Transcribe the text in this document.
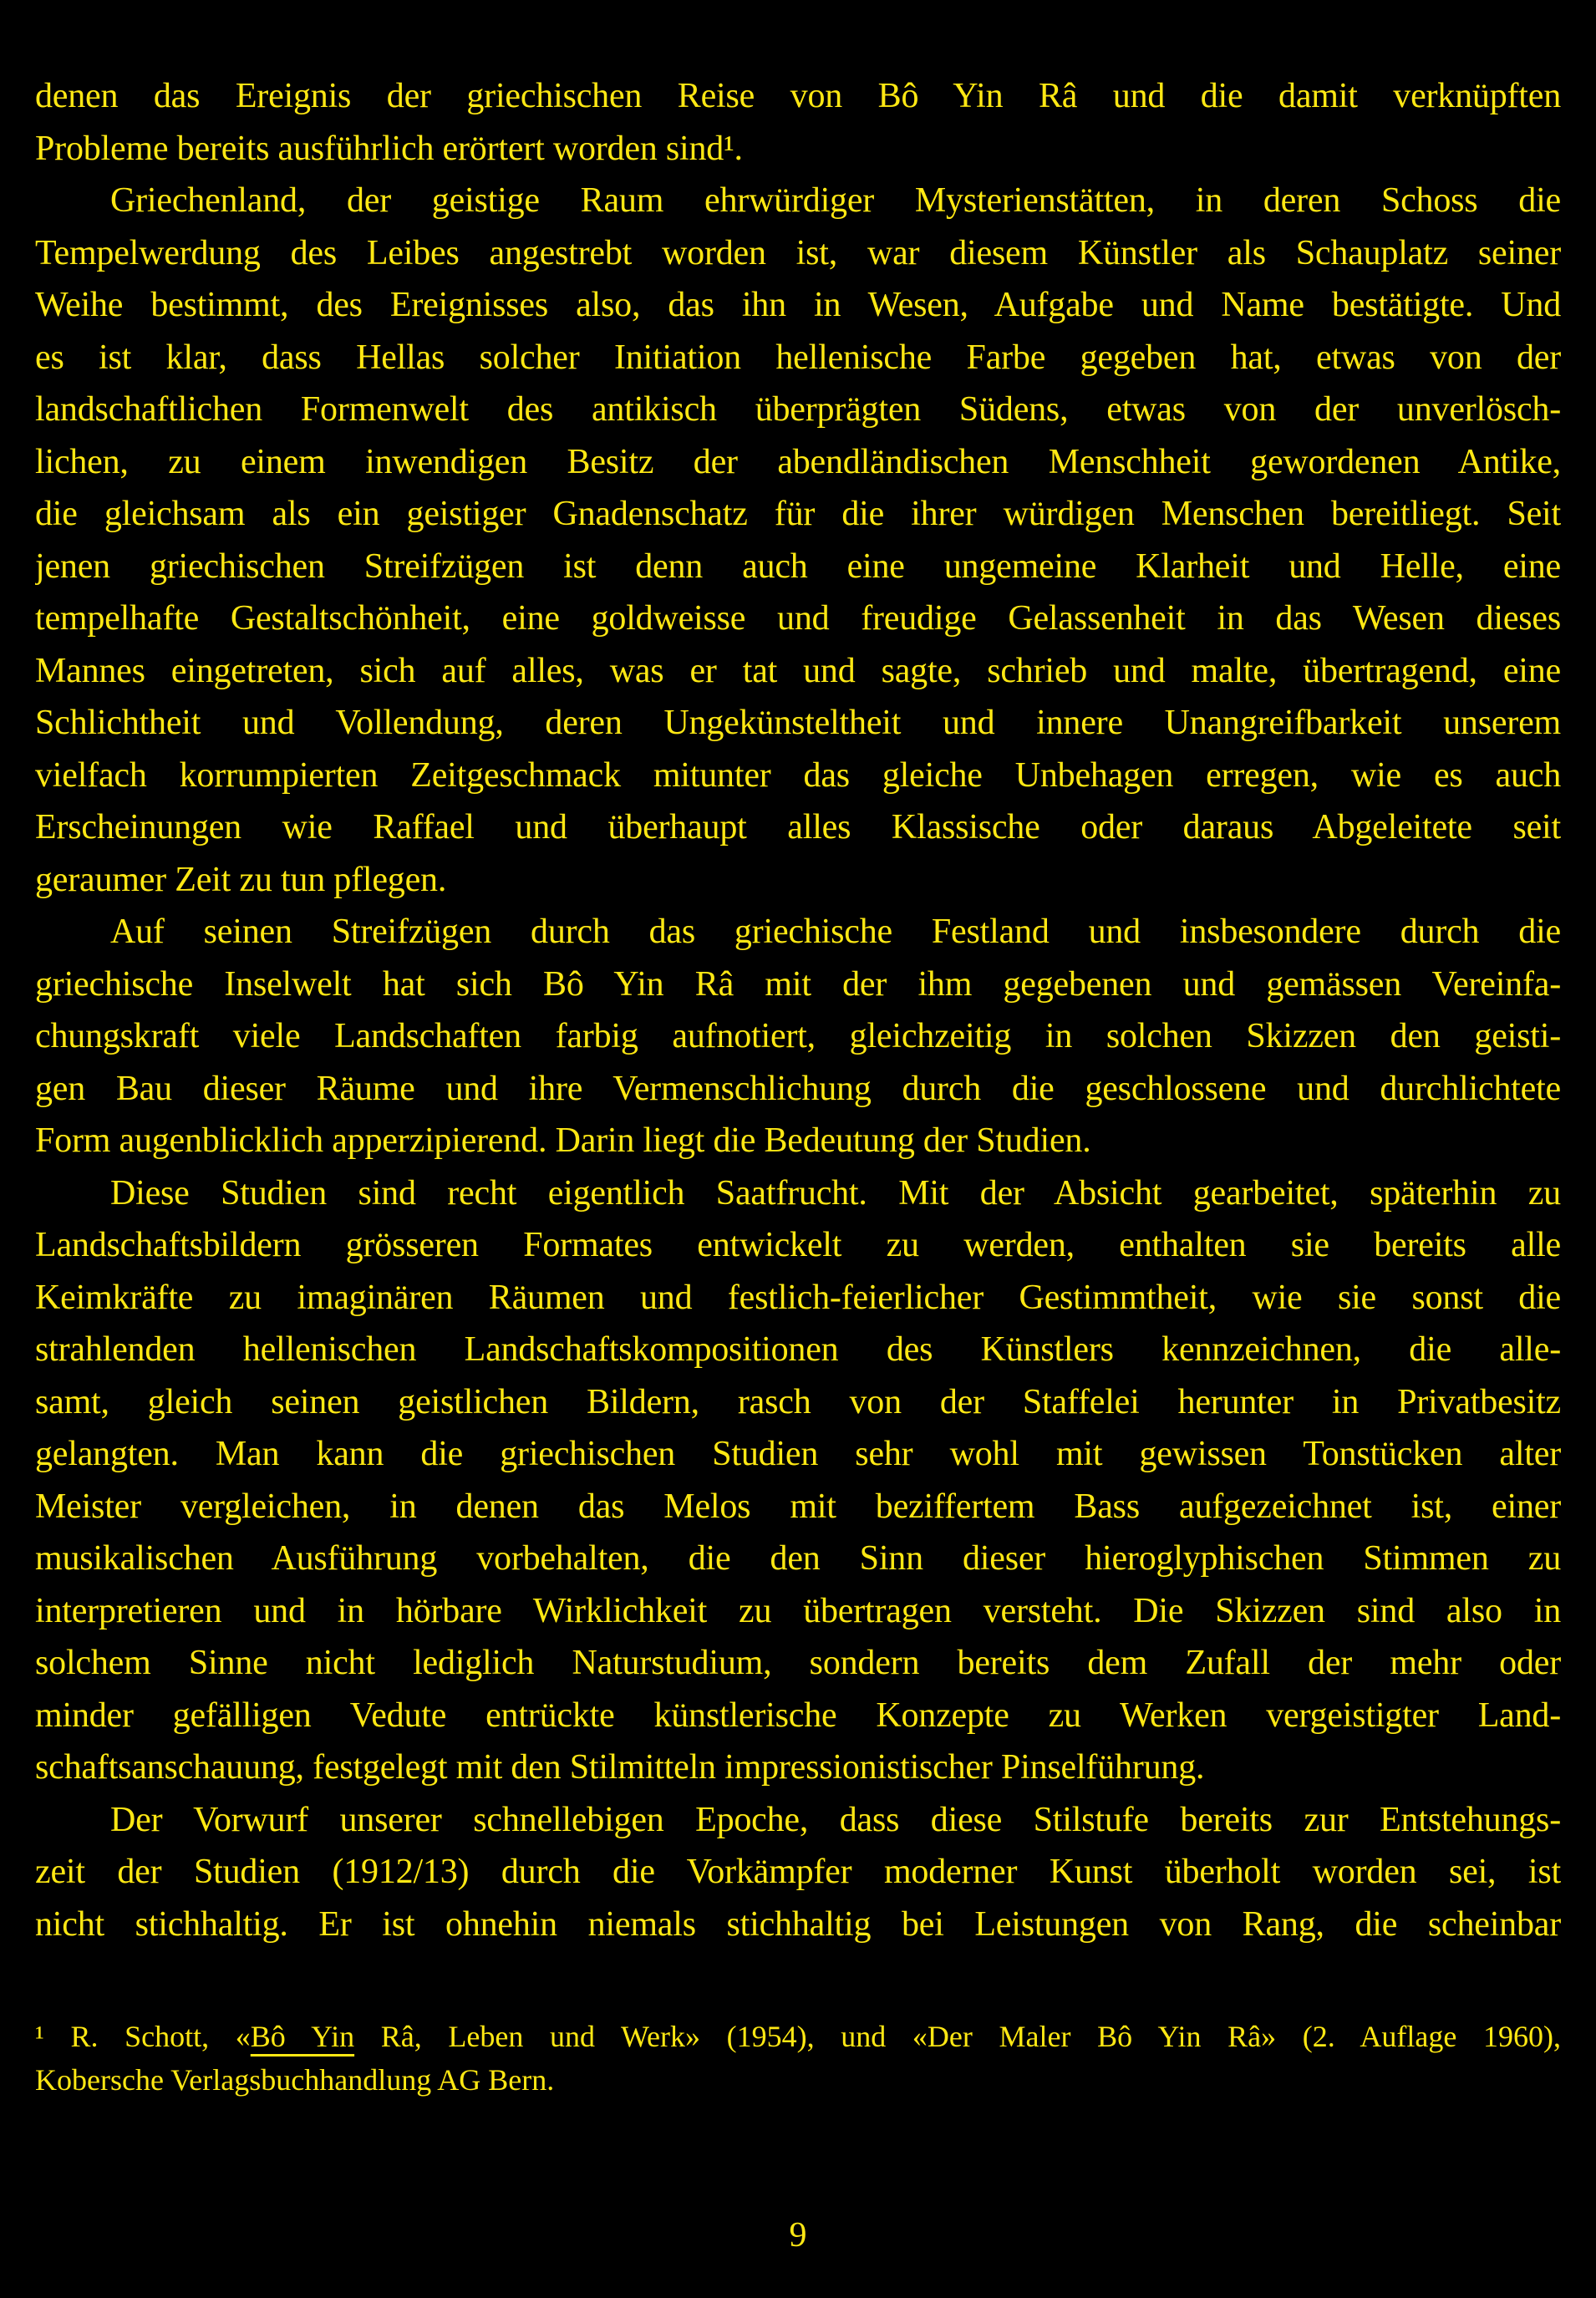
denen das Ereignis der griechischen Reise von Bô Yin Râ und die damit verknüpften
Probleme bereits ausführlich erörtert worden sind¹.
Griechenland, der geistige Raum ehrwürdiger Mysterienstätten, in deren Schoss die
Tempelwerdung des Leibes angestrebt worden ist, war diesem Künstler als Schauplatz seiner
Weihe bestimmt, des Ereignisses also, das ihn in Wesen, Aufgabe und Name bestätigte. Und
es ist klar, dass Hellas solcher Initiation hellenische Farbe gegeben hat, etwas von der
landschaftlichen Formenwelt des antikisch überprägten Südens, etwas von der unverlösch-
lichen, zu einem inwendigen Besitz der abendländischen Menschheit gewordenen Antike,
die gleichsam als ein geistiger Gnadenschatz für die ihrer würdigen Menschen bereitliegt. Seit
jenen griechischen Streifzügen ist denn auch eine ungemeine Klarheit und Helle, eine
tempelhafte Gestaltschönheit, eine goldweisse und freudige Gelassenheit in das Wesen dieses
Mannes eingetreten, sich auf alles, was er tat und sagte, schrieb und malte, übertragend, eine
Schlichtheit und Vollendung, deren Ungekünsteltheit und innere Unangreifbarkeit unserem
vielfach korrumpierten Zeitgeschmack mitunter das gleiche Unbehagen erregen, wie es auch
Erscheinungen wie Raffael und überhaupt alles Klassische oder daraus Abgeleitete seit
geraumer Zeit zu tun pflegen.
Auf seinen Streifzügen durch das griechische Festland und insbesondere durch die
griechische Inselwelt hat sich Bô Yin Râ mit der ihm gegebenen und gemässen Vereinfa-
chungskraft viele Landschaften farbig aufnotiert, gleichzeitig in solchen Skizzen den geisti-
gen Bau dieser Räume und ihre Vermenschlichung durch die geschlossene und durchlichtete
Form augenblicklich apperzipierend. Darin liegt die Bedeutung der Studien.
Diese Studien sind recht eigentlich Saatfrucht. Mit der Absicht gearbeitet, späterhin zu
Landschaftsbildern grösseren Formates entwickelt zu werden, enthalten sie bereits alle
Keimkräfte zu imaginären Räumen und festlich-feierlicher Gestimmtheit, wie sie sonst die
strahlenden hellenischen Landschaftskompositionen des Künstlers kennzeichnen, die alle-
samt, gleich seinen geistlichen Bildern, rasch von der Staffelei herunter in Privatbesitz
gelangten. Man kann die griechischen Studien sehr wohl mit gewissen Tonstücken alter
Meister vergleichen, in denen das Melos mit beziffertem Bass aufgezeichnet ist, einer
musikalischen Ausführung vorbehalten, die den Sinn dieser hieroglyphischen Stimmen zu
interpretieren und in hörbare Wirklichkeit zu übertragen versteht. Die Skizzen sind also in
solchem Sinne nicht lediglich Naturstudium, sondern bereits dem Zufall der mehr oder
minder gefälligen Vedute entrückte künstlerische Konzepte zu Werken vergeistigter Land-
schaftsanschauung, festgelegt mit den Stilmitteln impressionistischer Pinselführung.
Der Vorwurf unserer schnellebigen Epoche, dass diese Stilstufe bereits zur Entstehungs-
zeit der Studien (1912/13) durch die Vorkämpfer moderner Kunst überholt worden sei, ist
nicht stichhaltig. Er ist ohnehin niemals stichhaltig bei Leistungen von Rang, die scheinbar
¹ R. Schott, «Bô Yin Râ, Leben und Werk» (1954), und «Der Maler Bô Yin Râ» (2. Auflage 1960),
Kobersche Verlagsbuchhandlung AG Bern.
9
